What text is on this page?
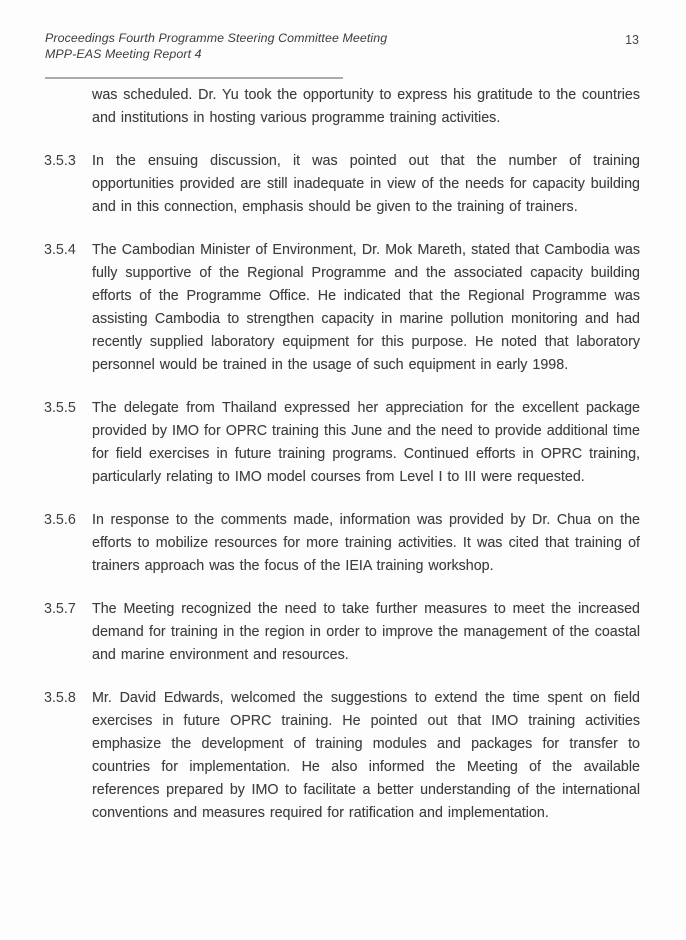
Proceedings Fourth Programme Steering Committee Meeting
MPP-EAS Meeting Report 4
13

was scheduled. Dr. Yu took the opportunity to express his gratitude to the countries and institutions in hosting various programme training activities.

3.5.3	In the ensuing discussion, it was pointed out that the number of training opportunities provided are still inadequate in view of the needs for capacity building and in this connection, emphasis should be given to the training of trainers.

3.5.4	The Cambodian Minister of Environment, Dr. Mok Mareth, stated that Cambodia was fully supportive of the Regional Programme and the associated capacity building efforts of the Programme Office. He indicated that the Regional Programme was assisting Cambodia to strengthen capacity in marine pollution monitoring and had recently supplied laboratory equipment for this purpose. He noted that laboratory personnel would be trained in the usage of such equipment in early 1998.

3.5.5	The delegate from Thailand expressed her appreciation for the excellent package provided by IMO for OPRC training this June and the need to provide additional time for field exercises in future training programs. Continued efforts in OPRC training, particularly relating to IMO model courses from Level I to III were requested.

3.5.6	In response to the comments made, information was provided by Dr. Chua on the efforts to mobilize resources for more training activities. It was cited that training of trainers approach was the focus of the IEIA training workshop.

3.5.7	The Meeting recognized the need to take further measures to meet the increased demand for training in the region in order to improve the management of the coastal and marine environment and resources.

3.5.8	Mr. David Edwards, welcomed the suggestions to extend the time spent on field exercises in future OPRC training. He pointed out that IMO training activities emphasize the development of training modules and packages for transfer to countries for implementation. He also informed the Meeting of the available references prepared by IMO to facilitate a better understanding of the international conventions and measures required for ratification and implementation.
